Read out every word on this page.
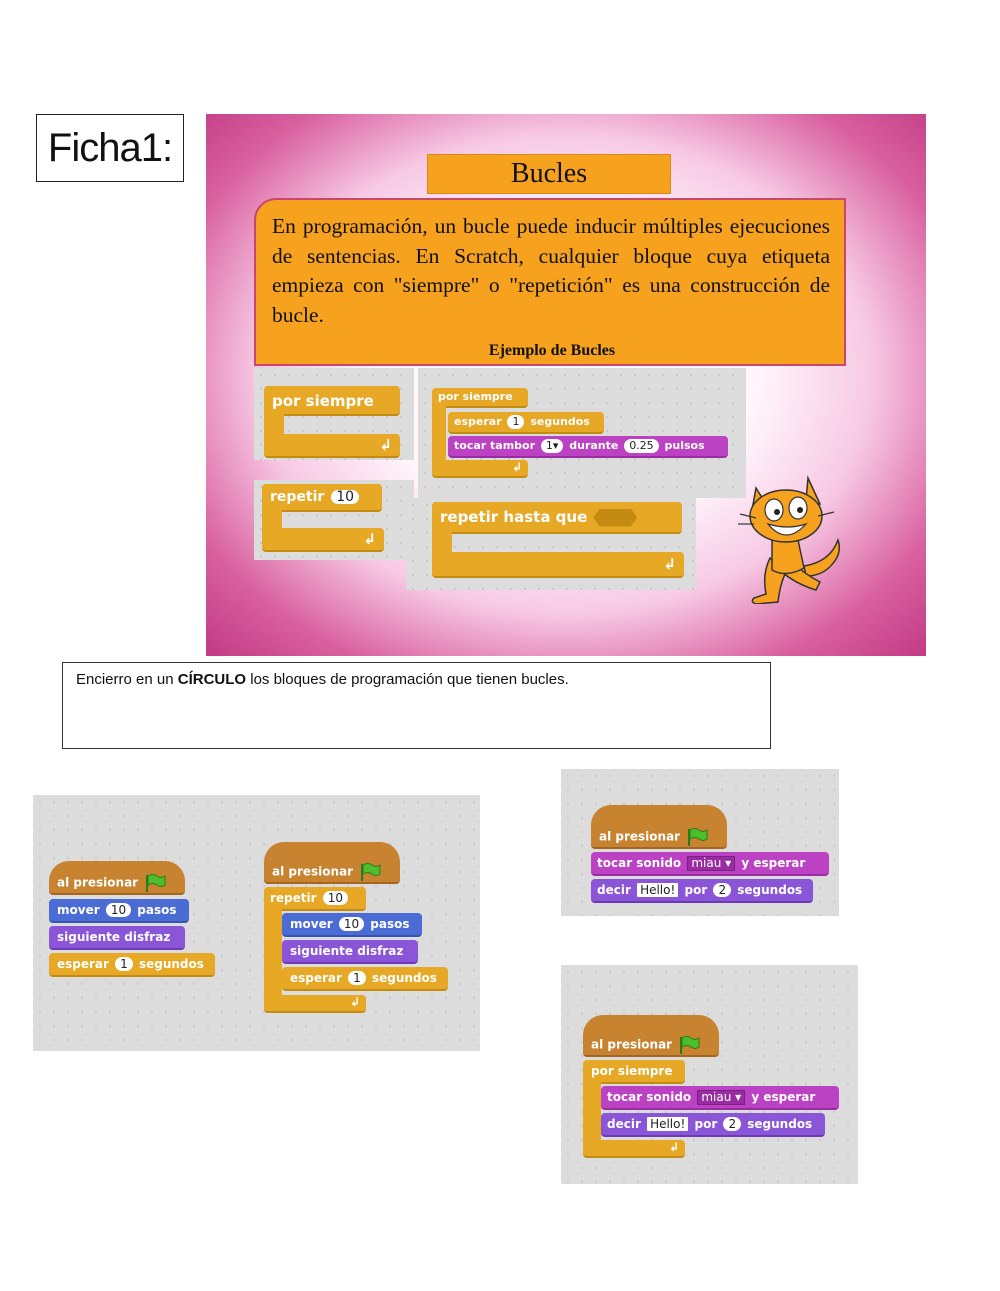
Ficha1:
Bucles

En programación, un bucle puede inducir múltiples ejecuciones de sentencias. En Scratch, cualquier bloque cuya etiqueta empieza con "siempre" o "repetición" es una construcción de bucle.

Ejemplo de Bucles
por siempre
↲
repetir 10
↲
por siempre
esperar 1 segundos
tocar tambor 1▾ durante 0.25 pulsos
↲
repetir hasta que
↲

Encierro en un CÍRCULO los bloques de programación que tienen bucles.

al presionar
mover 10 pasos
siguiente disfraz
esperar 1 segundos
al presionar
repetir 10
mover 10 pasos
siguiente disfraz
esperar 1 segundos
↲
al presionar
tocar sonido miau ▾ y esperar
decir Hello! por 2 segundos
al presionar
por siempre
tocar sonido miau ▾ y esperar
decir Hello! por 2 segundos
↲
